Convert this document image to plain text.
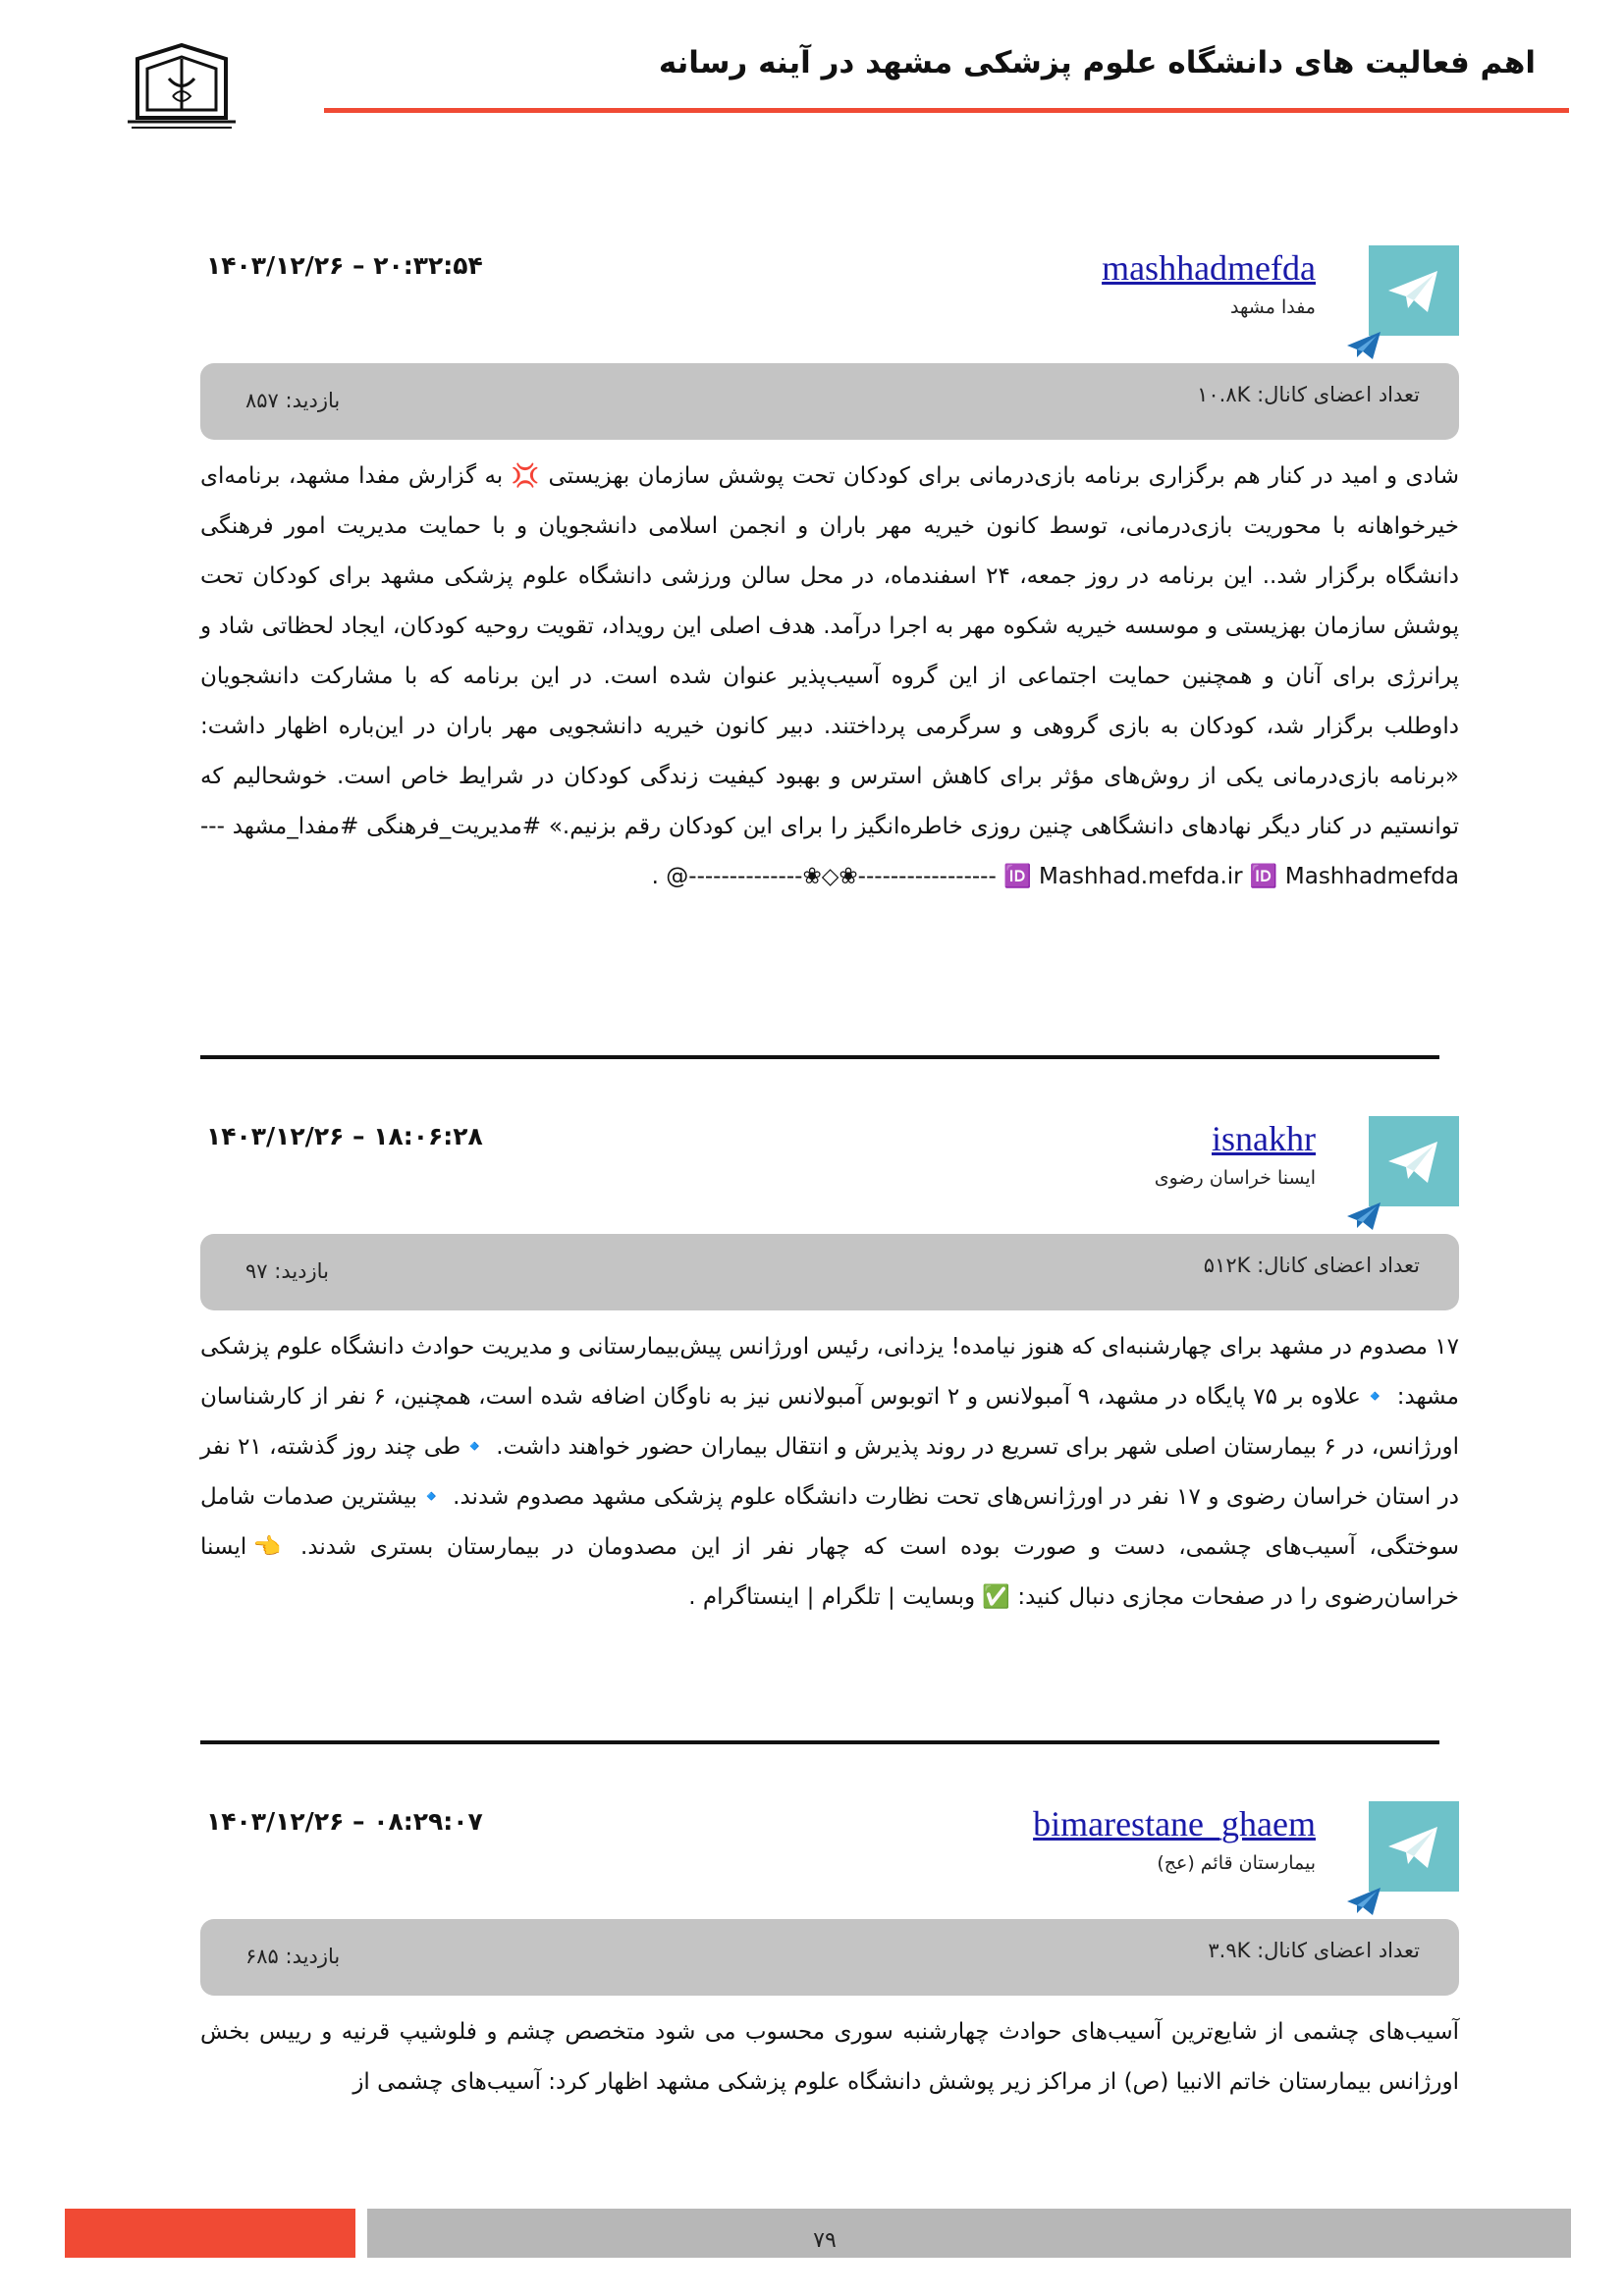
اهم فعالیت های دانشگاه علوم پزشکی مشهد در آینه رسانه
mashhadmefda
مفدا مشهد
۱۴۰۳/۱۲/۲۶ – ۲۰:۳۲:۵۴
تعداد اعضای کانال: ۱۰.۸K
بازدید: ۸۵۷
شادی و امید در کنار هم برگزاری برنامه بازی‌درمانی برای کودکان تحت پوشش سازمان بهزیستی 💢 به گزارش مفدا مشهد، برنامه‌ای خیرخواهانه با محوریت بازی‌درمانی، توسط کانون خیریه مهر باران و انجمن اسلامی دانشجویان و با حمایت مدیریت امور فرهنگی دانشگاه برگزار شد.. این برنامه در روز جمعه، ۲۴ اسفندماه، در محل سالن ورزشی دانشگاه علوم پزشکی مشهد برای کودکان تحت پوشش سازمان بهزیستی و موسسه خیریه شکوه مهر به اجرا درآمد. هدف اصلی این رویداد، تقویت روحیه کودکان، ایجاد لحظاتی شاد و پرانرژی برای آنان و همچنین حمایت اجتماعی از این گروه آسیب‌پذیر عنوان شده است. در این برنامه که با مشارکت دانشجویان داوطلب برگزار شد، کودکان به بازی گروهی و سرگرمی پرداختند. دبیر کانون خیریه دانشجویی مهر باران در این‌باره اظهار داشت: «برنامه بازی‌درمانی یکی از روش‌های مؤثر برای کاهش استرس و بهبود کیفیت زندگی کودکان در شرایط خاص است. خوشحالیم که توانستیم در کنار دیگر نهادهای دانشگاهی چنین روزی خاطره‌انگیز را برای این کودکان رقم بزنیم.» #مدیریت_فرهنگی #مفدا_مشهد ‎-----------------❀◇❀-----------------‎ 🆔 Mashhad.mefda.ir 🆔 Mashhadmefda@ .
isnakhr
ایسنا خراسان رضوی
۱۴۰۳/۱۲/۲۶ – ۱۸:۰۶:۲۸
تعداد اعضای کانال: ۵۱۲K
بازدید: ۹۷
۱۷ مصدوم در مشهد برای چهارشنبه‌ای که هنوز نیامده! یزدانی، رئیس اورژانس پیش‌بیمارستانی و مدیریت حوادث دانشگاه علوم پزشکی مشهد: 🔹علاوه بر ۷۵ پایگاه در مشهد، ۹ آمبولانس و ۲ اتوبوس آمبولانس نیز به ناوگان اضافه شده است، همچنین، ۶ نفر از کارشناسان اورژانس، در ۶ بیمارستان اصلی شهر برای تسریع در روند پذیرش و انتقال بیماران حضور خواهند داشت. 🔹طی چند روز گذشته، ۲۱ نفر در استان خراسان رضوی و ۱۷ نفر در اورژانس‌های تحت نظارت دانشگاه علوم پزشکی مشهد مصدوم شدند. 🔹بیشترین صدمات شامل سوختگی، آسیب‌های چشمی، دست و صورت بوده است که چهار نفر از این مصدومان در بیمارستان بستری شدند. 👈ایسنا خراسان‌رضوی را در صفحات مجازی دنبال کنید: ✅ وبسایت | تلگرام | اینستاگرام .
bimarestane_ghaem
بیمارستان قائم (عج)
۱۴۰۳/۱۲/۲۶ – ۰۸:۲۹:۰۷
تعداد اعضای کانال: ۳.۹K
بازدید: ۶۸۵
آسیب‌های چشمی از شایع‌ترین آسیب‌های حوادث چهارشنبه سوری محسوب می شود متخصص چشم و فلوشیپ قرنیه و رییس بخش اورژانس بیمارستان خاتم الانبیا (ص) از مراکز زیر پوشش دانشگاه علوم پزشکی مشهد اظهار کرد: آسیب‌های چشمی از
۷۹
